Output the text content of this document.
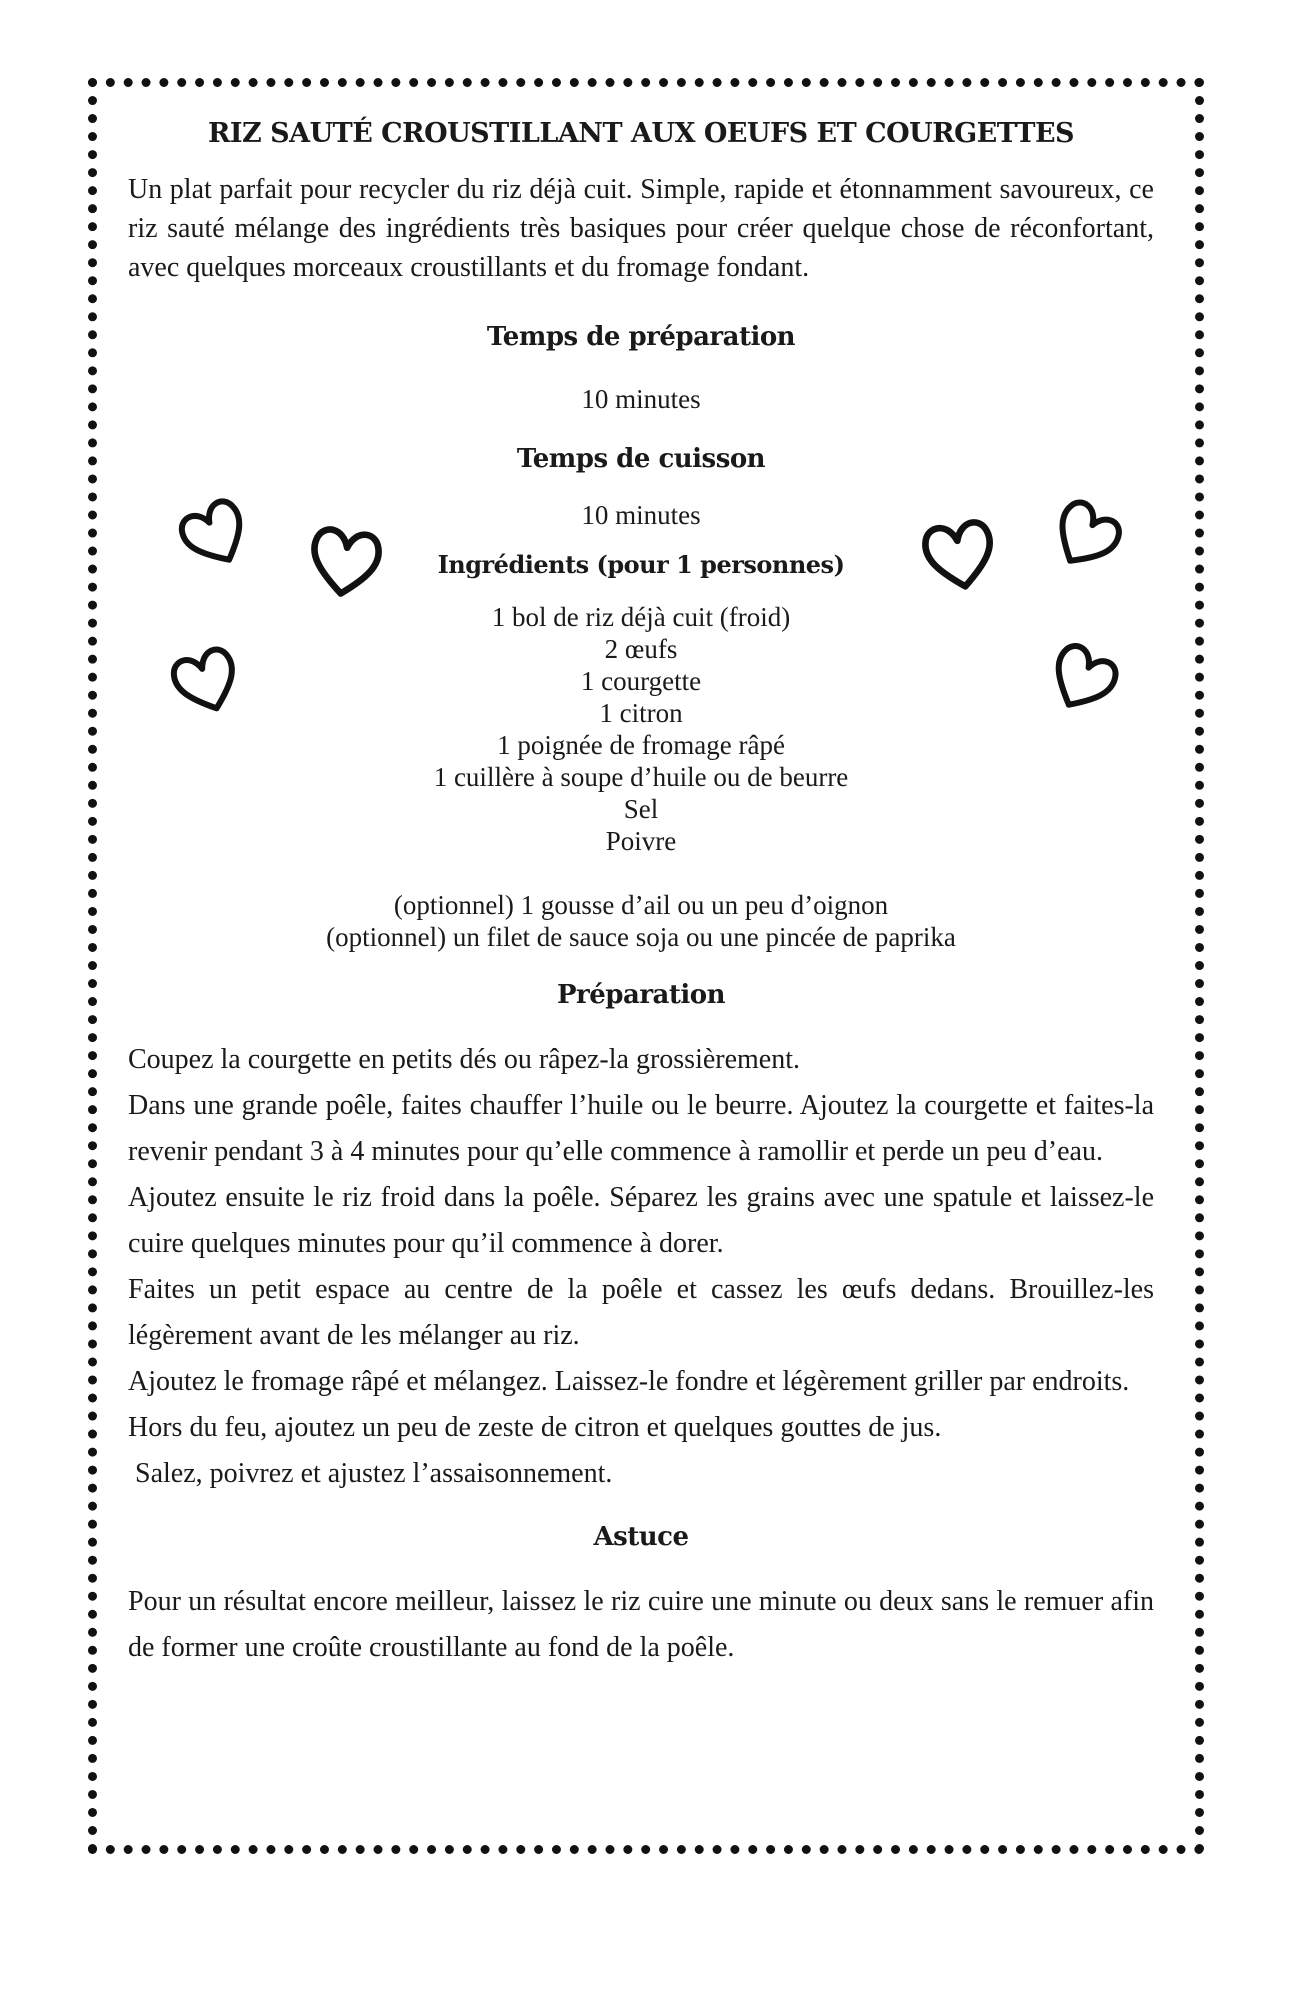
RIZ SAUTÉ CROUSTILLANT AUX OEUFS ET COURGETTES

Un plat parfait pour recycler du riz déjà cuit. Simple, rapide et étonnamment savoureux, ce riz sauté mélange des ingrédients très basiques pour créer quelque chose de réconfortant, avec quelques morceaux croustillants et du fromage fondant.

Temps de préparation

10 minutes

Temps de cuisson

10 minutes

Ingrédients (pour 1 personnes)

1 bol de riz déjà cuit (froid)

2 œufs

1 courgette

1 citron

1 poignée de fromage râpé

1 cuillère à soupe d’huile ou de beurre

Sel

Poivre

(optionnel) 1 gousse d’ail ou un peu d’oignon

(optionnel) un filet de sauce soja ou une pincée de paprika

Préparation

Coupez la courgette en petits dés ou râpez-la grossièrement.

Dans une grande poêle, faites chauffer l’huile ou le beurre. Ajoutez la courgette et faites-la revenir pendant 3 à 4 minutes pour qu’elle commence à ramollir et perde un peu d’eau.

Ajoutez ensuite le riz froid dans la poêle. Séparez les grains avec une spatule et laissez-le cuire quelques minutes pour qu’il commence à dorer.

Faites un petit espace au centre de la poêle et cassez les œufs dedans. Brouillez-les légèrement avant de les mélanger au riz.

Ajoutez le fromage râpé et mélangez. Laissez-le fondre et légèrement griller par endroits.

Hors du feu, ajoutez un peu de zeste de citron et quelques gouttes de jus.

Salez, poivrez et ajustez l’assaisonnement.

Astuce

Pour un résultat encore meilleur, laissez le riz cuire une minute ou deux sans le remuer afin de former une croûte croustillante au fond de la poêle.
